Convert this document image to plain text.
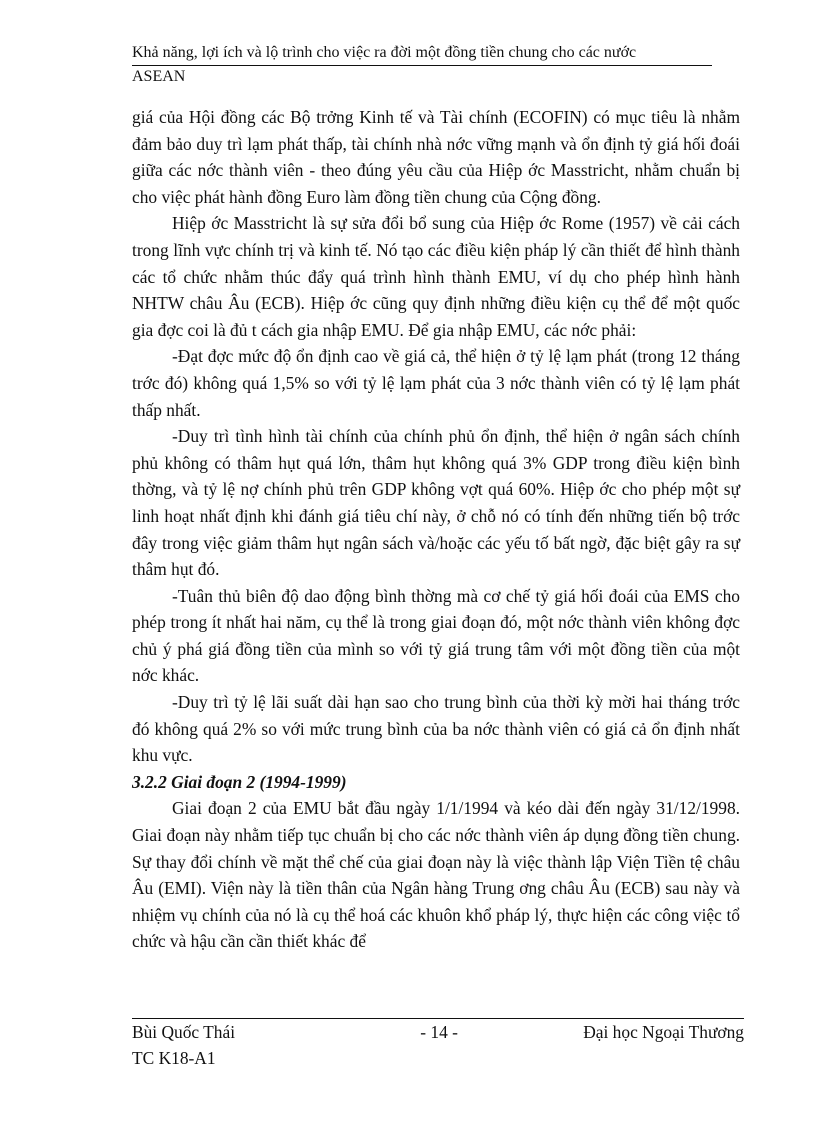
Khả năng, lợi ích và lộ trình cho việc ra đời một đồng tiền chung cho các nước
ASEAN

giá của Hội đồng các Bộ trởng Kinh tế và Tài chính (ECOFIN) có mục tiêu là nhằm đảm bảo duy trì lạm phát thấp, tài chính nhà nớc vững mạnh và ổn định tỷ giá hối đoái giữa các nớc thành viên - theo đúng yêu cầu của Hiệp ớc Masstricht, nhằm chuẩn bị cho việc phát hành đồng Euro làm đồng tiền chung của Cộng đồng.

Hiệp ớc Masstricht là sự sửa đổi bổ sung của Hiệp ớc Rome (1957) về cải cách trong lĩnh vực chính trị và kinh tế. Nó tạo các điều kiện pháp lý cần thiết để hình thành các tổ chức nhằm thúc đẩy quá trình hình thành EMU, ví dụ cho phép hình hành NHTW châu Âu (ECB). Hiệp ớc cũng quy định những điều kiện cụ thể để một quốc gia đợc coi là đủ t cách gia nhập EMU. Để gia nhập EMU, các nớc phải:

-Đạt đợc mức độ ổn định cao về giá cả, thể hiện ở tỷ lệ lạm phát (trong 12 tháng trớc đó) không quá 1,5% so với tỷ lệ lạm phát của 3 nớc thành viên có tỷ lệ lạm phát thấp nhất.

-Duy trì tình hình tài chính của chính phủ ổn định, thể hiện ở ngân sách chính phủ không có thâm hụt quá lớn, thâm hụt không quá 3% GDP trong điều kiện bình thờng, và tỷ lệ nợ chính phủ trên GDP không vợt quá 60%. Hiệp ớc cho phép một sự linh hoạt nhất định khi đánh giá tiêu chí này, ở chỗ nó có tính đến những tiến bộ trớc đây trong việc giảm thâm hụt ngân sách và/hoặc các yếu tố bất ngờ, đặc biệt gây ra sự thâm hụt đó.

-Tuân thủ biên độ dao động bình thờng mà cơ chế tỷ giá hối đoái của EMS cho phép trong ít nhất hai năm, cụ thể là trong giai đoạn đó, một nớc thành viên không đợc chủ ý phá giá đồng tiền của mình so với tỷ giá trung tâm với một đồng tiền của một nớc khác.

-Duy trì tỷ lệ lãi suất dài hạn sao cho trung bình của thời kỳ mời hai tháng trớc đó không quá 2% so với mức trung bình của ba nớc thành viên có giá cả ổn định nhất khu vực.

3.2.2 Giai đoạn 2 (1994-1999)

Giai đoạn 2 của EMU bắt đầu ngày 1/1/1994 và kéo dài đến ngày 31/12/1998. Giai đoạn này nhằm tiếp tục chuẩn bị cho các nớc thành viên áp dụng đồng tiền chung. Sự thay đổi chính về mặt thể chế của giai đoạn này là việc thành lập Viện Tiền tệ châu Âu (EMI). Viện này là tiền thân của Ngân hàng Trung ơng châu Âu (ECB) sau này và nhiệm vụ chính của nó là cụ thể hoá các khuôn khổ pháp lý, thực hiện các công việc tổ chức và hậu cần cần thiết khác để

Bùi Quốc Thái	- 14 -	Đại học Ngoại Thương
TC K18-A1
